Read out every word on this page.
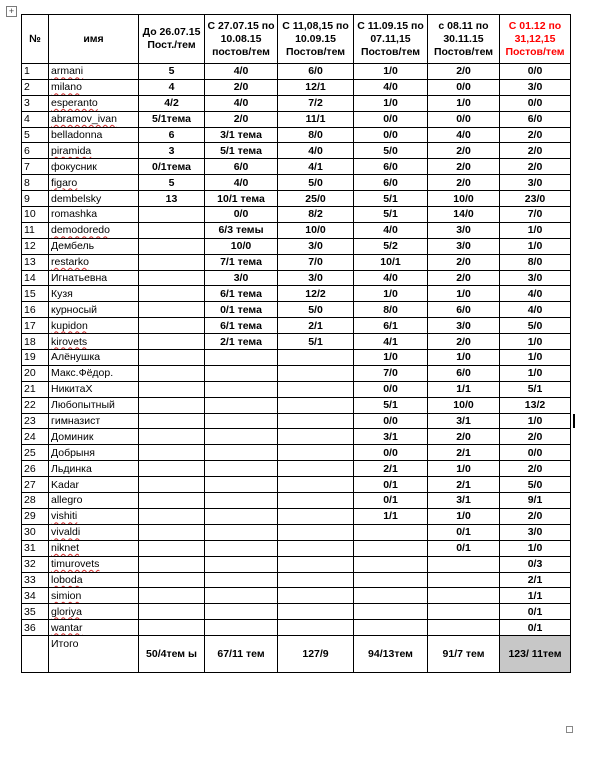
+
№	имя	До 26.07.15 Пост./тем	С 27.07.15 по 10.08.15 постов/тем	С 11,08,15 по 10.09.15 Постов/тем	С 11.09.15 по 07.11,15 Постов/тем	с 08.11 по 30.11.15 Постов/тем	С 01.12 по 31,12,15 Постов/тем
1	armani	5	4/0	6/0	1/0	2/0	0/0
2	milano	4	2/0	12/1	4/0	0/0	3/0
3	esperanto	4/2	4/0	7/2	1/0	1/0	0/0
4	abramov_ivan	5/1тема	2/0	11/1	0/0	0/0	6/0
5	belladonna	6	3/1 тема	8/0	0/0	4/0	2/0
6	piramida	3	5/1 тема	4/0	5/0	2/0	2/0
7	фокусник	0/1тема	6/0	4/1	6/0	2/0	2/0
8	figaro	5	4/0	5/0	6/0	2/0	3/0
9	dembelsky	13	10/1 тема	25/0	5/1	10/0	23/0
10	romashka		0/0	8/2	5/1	14/0	7/0
11	demodoredo		6/3 темы	10/0	4/0	3/0	1/0
12	Дембель		10/0	3/0	5/2	3/0	1/0
13	restarko		7/1 тема	7/0	10/1	2/0	8/0
14	Игнатьевна		3/0	3/0	4/0	2/0	3/0
15	Кузя		6/1 тема	12/2	1/0	1/0	4/0
16	курносый		0/1 тема	5/0	8/0	6/0	4/0
17	kupidon		6/1 тема	2/1	6/1	3/0	5/0
18	kirovets		2/1 тема	5/1	4/1	2/0	1/0
19	Алёнушка				1/0	1/0	1/0
20	Макс.Фёдор.				7/0	6/0	1/0
21	НикитаХ				0/0	1/1	5/1
22	Любопытный				5/1	10/0	13/2
23	гимназист				0/0	3/1	1/0
24	Доминик				3/1	2/0	2/0
25	Добрыня				0/0	2/1	0/0
26	Льдинка				2/1	1/0	2/0
27	Kadar				0/1	2/1	5/0
28	allegro				0/1	3/1	9/1
29	vishiti				1/1	1/0	2/0
30	vivaldi					0/1	3/0
31	niknet					0/1	1/0
32	timurovets						0/3
33	loboda						2/1
34	simion						1/1
35	gloriya						0/1
36	wantar						0/1
	Итого	50/4тем ы	67/11 тем	127/9	94/13тем	91/7 тем	123/ 11тем
